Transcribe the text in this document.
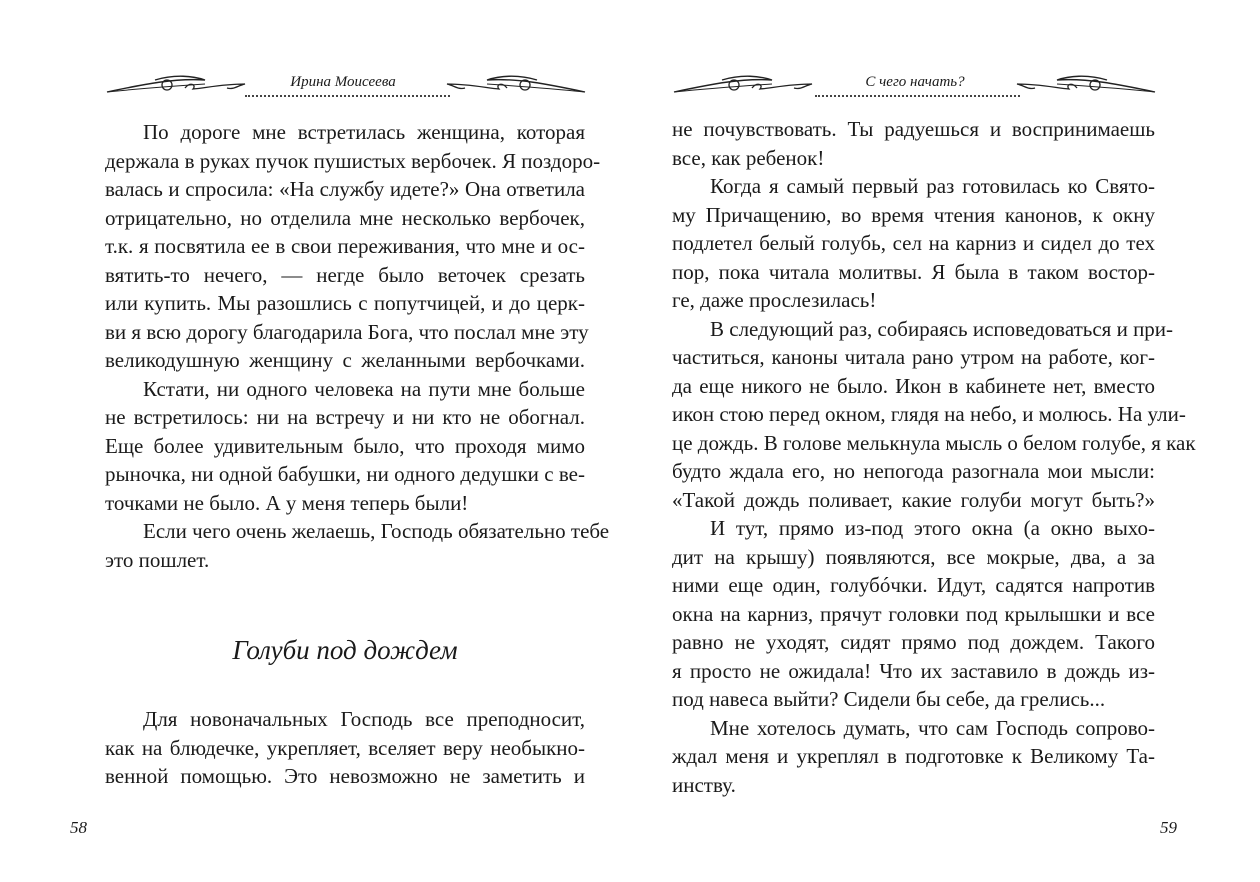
Ирина Моисеева
По дороге мне встретилась женщина, которая
держала в руках пучок пушистых вербочек. Я поздоро-
валась и спросила: «На службу идете?» Она ответила
отрицательно, но отделила мне несколько вербочек,
т.к. я посвятила ее в свои переживания, что мне и ос-
вятить-то нечего, — негде было веточек срезать
или купить. Мы разошлись с попутчицей, и до церк-
ви я всю дорогу благодарила Бога, что послал мне эту
великодушную женщину с желанными вербочками.
Кстати, ни одного человека на пути мне больше
не встретилось: ни на встречу и ни кто не обогнал.
Еще более удивительным было, что проходя мимо
рыночка, ни одной бабушки, ни одного дедушки с ве-
точками не было. А у меня теперь были!
Если чего очень желаешь, Господь обязательно тебе
это пошлет.
Голуби под дождем
Для новоначальных Господь все преподносит,
как на блюдечке, укрепляет, вселяет веру необыкно-
венной помощью. Это невозможно не заметить и
58
С чего начать?
не почувствовать. Ты радуешься и воспринимаешь
все, как ребенок!
Когда я самый первый раз готовилась ко Свято-
му Причащению, во время чтения канонов, к окну
подлетел белый голубь, сел на карниз и сидел до тех
пор, пока читала молитвы. Я была в таком востор-
ге, даже прослезилась!
В следующий раз, собираясь исповедоваться и при-
частиться, каноны читала рано утром на работе, ког-
да еще никого не было. Икон в кабинете нет, вместо
икон стою перед окном, глядя на небо, и молюсь. На ули-
це дождь. В голове мелькнула мысль о белом голубе, я как
будто ждала его, но непогода разогнала мои мысли:
«Такой дождь поливает, какие голуби могут быть?»
И тут, прямо из-под этого окна (а окно выхо-
дит на крышу) появляются, все мокрые, два, а за
ними еще один, голубóчки. Идут, садятся напротив
окна на карниз, прячут головки под крылышки и все
равно не уходят, сидят прямо под дождем. Такого
я просто не ожидала! Что их заставило в дождь из-
под навеса выйти? Сидели бы себе, да грелись...
Мне хотелось думать, что сам Господь сопрово-
ждал меня и укреплял в подготовке к Великому Та-
инству.
59
